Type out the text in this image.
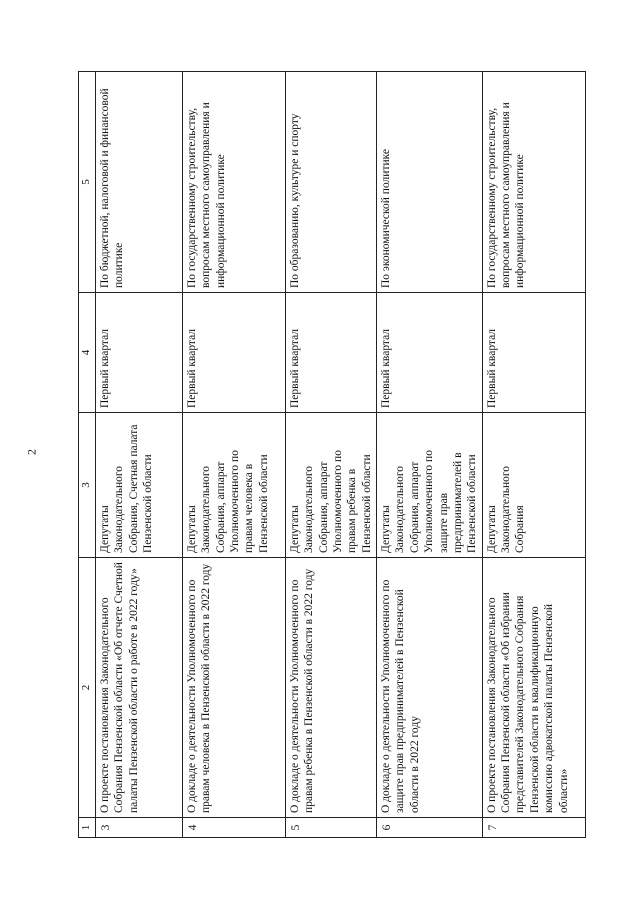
2
1	2	3	4	5
3	О проекте постановления Законодательного Собрания Пензенской области «Об отчете Счетной палаты Пензенской области о работе в 2022 году»	Депутаты Законодательного Собрания, Счетная палата Пензенской области	Первый квартал	По бюджетной, налоговой и финансовой политике
4	О докладе о деятельности Уполномоченного по правам человека в Пензенской области в 2022 году	Депутаты Законодательного Собрания, аппарат Уполномоченного по правам человека в Пензенской области	Первый квартал	По государственному строительству, вопросам местного самоуправления и информационной политике
5	О докладе о деятельности Уполномоченного по правам ребенка в Пензенской области в 2022 году	Депутаты Законодательного Собрания, аппарат Уполномоченного по правам ребенка в Пензенской области	Первый квартал	По образованию, культуре и спорту
6	О докладе о деятельности Уполномоченного по защите прав предпринимателей в Пензенской области в 2022 году	Депутаты Законодательного Собрания, аппарат Уполномоченного по защите прав предпринимателей в Пензенской области	Первый квартал	По экономической политике
7	О проекте постановления Законодательного Собрания Пензенской области «Об избрании представителей Законодательного Собрания Пензенской области в квалификационную комиссию адвокатской палаты Пензенской области»	Депутаты Законодательного Собрания	Первый квартал	По государственному строительству, вопросам местного самоуправления и информационной политике
